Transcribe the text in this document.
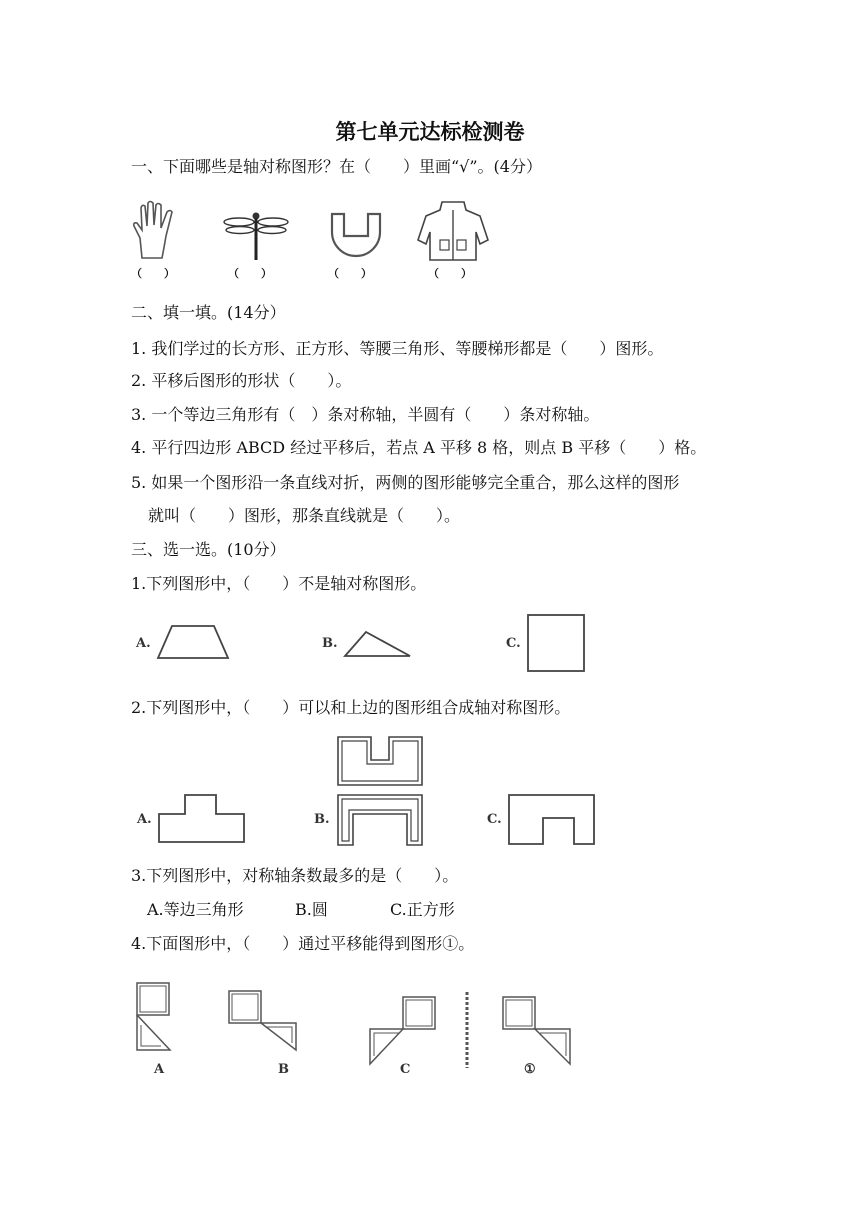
第七单元达标检测卷
一、下面哪些是轴对称图形？在（　　）里画“√”。(4分）
（　　）	（　　）	（　　）	（　　）
二、填一填。(14分）
1. 我们学过的长方形、正方形、等腰三角形、等腰梯形都是（　　）图形。
2. 平移后图形的形状（　　）。
3. 一个等边三角形有（　）条对称轴，半圆有（　　）条对称轴。
4. 平行四边形 ABCD 经过平移后，若点 A 平移 8 格，则点 B 平移（　　）格。
5. 如果一个图形沿一条直线对折，两侧的图形能够完全重合，那么这样的图形
就叫（　　）图形，那条直线就是（　　）。
三、选一选。(10分）
1.下列图形中，（　　）不是轴对称图形。
A.	B.	C.
2.下列图形中，（　　）可以和上边的图形组合成轴对称图形。
A.	B.	C.
3.下列图形中，对称轴条数最多的是（　　）。
A.等边三角形	B.圆	C.正方形
4.下面图形中，（　　）通过平移能得到图形①。
A	B	C	①
